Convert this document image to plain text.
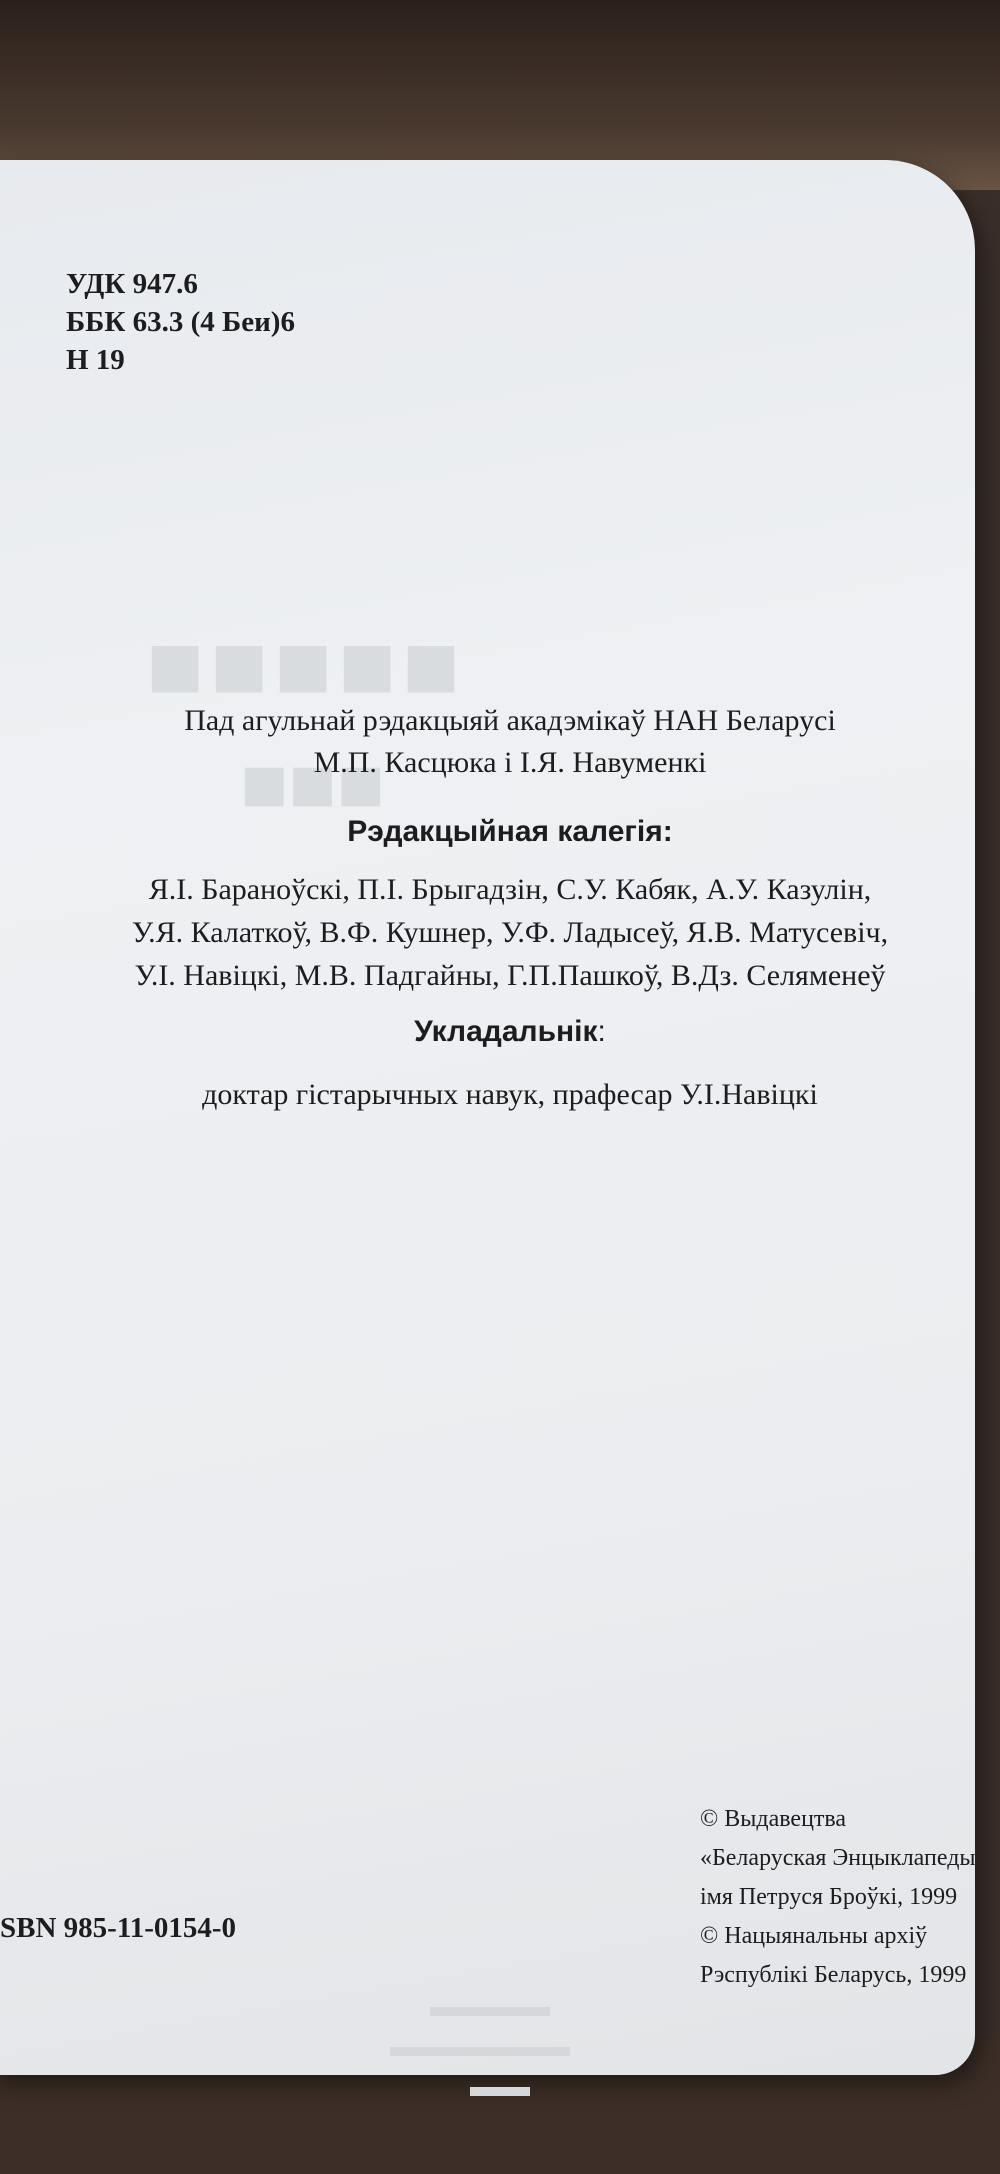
■■■■■
■■■
▬▬▬▬
▬▬▬▬▬▬
▬▬
УДК 947.6
ББК 63.3 (4 Беи)6
Н 19
Пад агульнай рэдакцыяй акадэмікаў НАН Беларусі
М.П. Касцюка і І.Я. Навуменкі
Рэдакцыйная калегія:
Я.І. Бараноўскі, П.І. Брыгадзін, С.У. Кабяк, А.У. Казулін,
У.Я. Калаткоў, В.Ф. Кушнер, У.Ф. Ладысеў, Я.В. Матусевіч,
У.І. Навіцкі, М.В. Падгайны, Г.П.Пашкоў, В.Дз. Селяменеў
Укладальнік:
доктар гістарычных навук, прафесар У.І.Навіцкі
SBN 985-11-0154-0
© Выдавецтва
«Беларуская Энцыклапеды
імя Петруся Броўкі, 1999
© Нацыянальны архіў
Рэспублікі Беларусь, 1999
